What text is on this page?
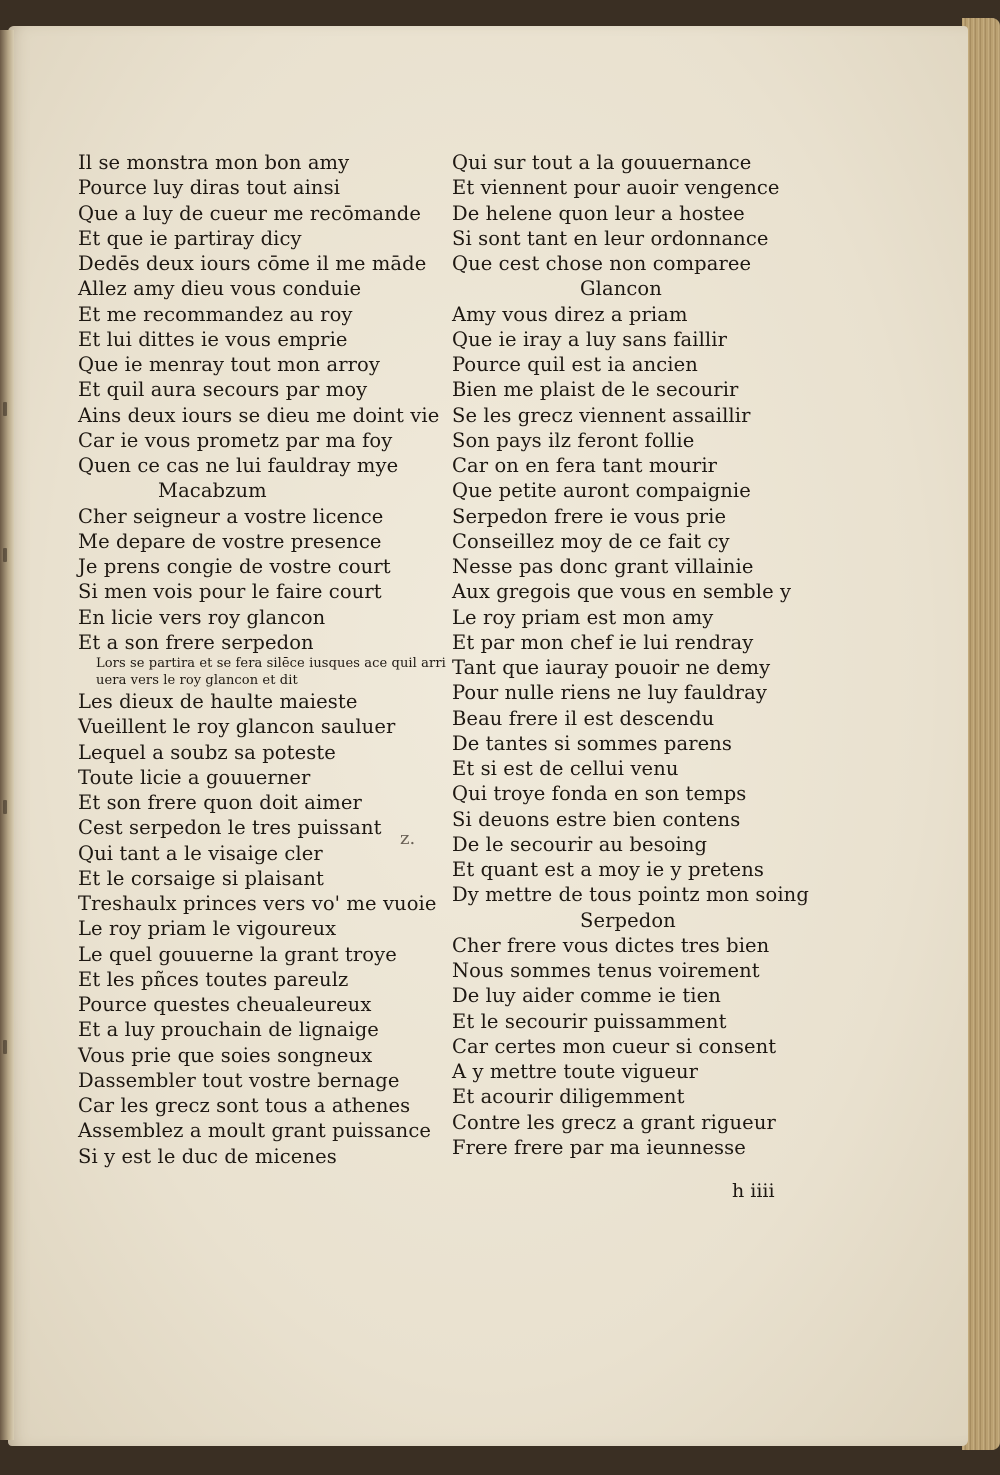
Il se monstra mon bon amy
Pource luy diras tout ainsi
Que a luy de cueur me recōmande
Et que ie partiray dicy
Dedēs deux iours cōme il me māde
Allez amy dieu vous conduie
Et me recommandez au roy
Et lui dittes ie vous emprie
Que ie menray tout mon arroy
Et quil aura secours par moy
Ains deux iours se dieu me doint vie
Car ie vous prometz par ma foy
Quen ce cas ne lui fauldray mye
Macabzum
Cher seigneur a vostre licence
Me depare de vostre presence
Je prens congie de vostre court
Si men vois pour le faire court
En licie vers roy glancon
Et a son frere serpedon
Lors se partira et se fera silēce iusques ace quil arri
uera vers le roy glancon et dit
Les dieux de haulte maieste
Vueillent le roy glancon sauluer
Lequel a soubz sa poteste
Toute licie a gouuerner
Et son frere quon doit aimer
Cest serpedon le tres puissant
Qui tant a le visaige cler
Et le corsaige si plaisant
Treshaulx princes vers vo' me vuoie
Le roy priam le vigoureux
Le quel gouuerne la grant troye
Et les pñces toutes pareulz
Pource questes cheualeureux
Et a luy prouchain de lignaige
Vous prie que soies songneux
Dassembler tout vostre bernage
Car les grecz sont tous a athenes
Assemblez a moult grant puissance
Si y est le duc de micenes
Qui sur tout a la gouuernance
Et viennent pour auoir vengence
De helene quon leur a hostee
Si sont tant en leur ordonnance
Que cest chose non comparee
Glancon
Amy vous direz a priam
Que ie iray a luy sans faillir
Pource quil est ia ancien
Bien me plaist de le secourir
Se les grecz viennent assaillir
Son pays ilz feront follie
Car on en fera tant mourir
Que petite auront compaignie
Serpedon frere ie vous prie
Conseillez moy de ce fait cy
Nesse pas donc grant villainie
Aux gregois que vous en semble y
Le roy priam est mon amy
Et par mon chef ie lui rendray
Tant que iauray pouoir ne demy
Pour nulle riens ne luy fauldray
Beau frere il est descendu
De tantes si sommes parens
Et si est de cellui venu
Qui troye fonda en son temps
Si deuons estre bien contens
De le secourir au besoing
Et quant est a moy ie y pretens
Dy mettre de tous pointz mon soing
Serpedon
Cher frere vous dictes tres bien
Nous sommes tenus voirement
De luy aider comme ie tien
Et le secourir puissamment
Car certes mon cueur si consent
A y mettre toute vigueur
Et acourir diligemment
Contre les grecz a grant rigueur
Frere frere par ma ieunnesse
z.
h iiii
